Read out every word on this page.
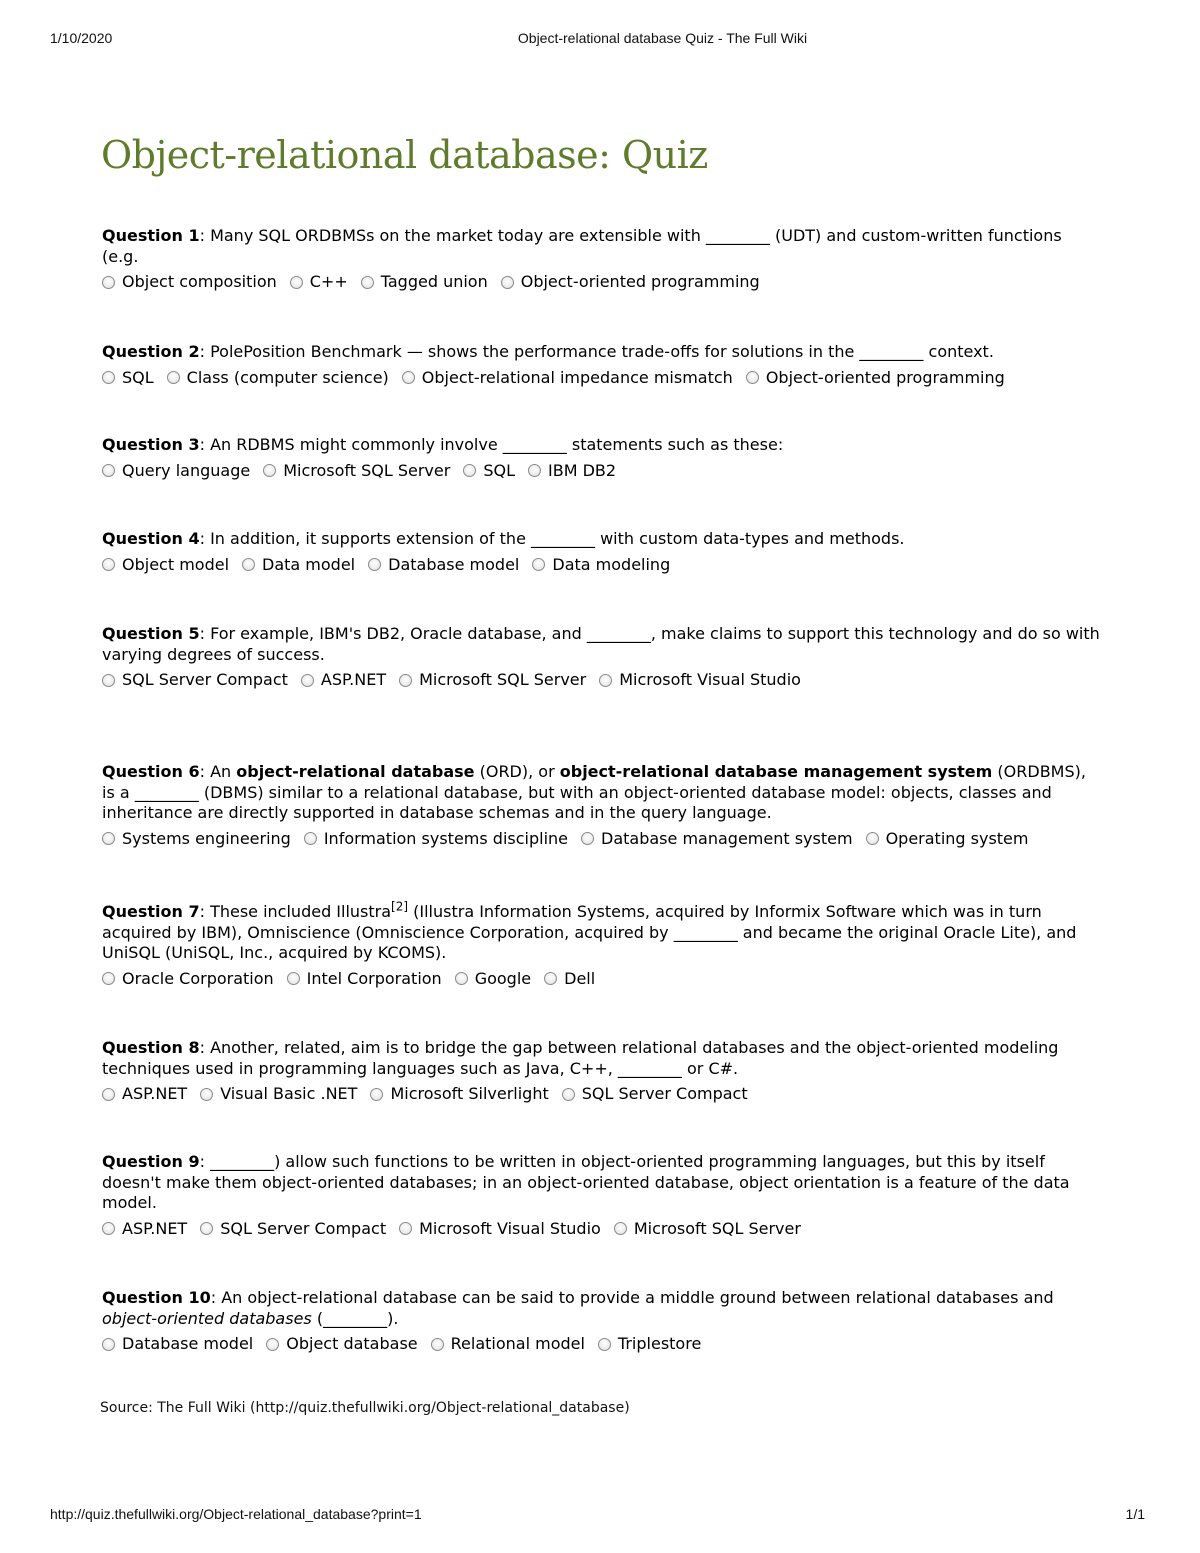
1/10/2020	Object-relational database Quiz - The Full Wiki
Object-relational database: Quiz
Question 1: Many SQL ORDBMSs on the market today are extensible with ________ (UDT) and custom-written functions (e.g.
Object composition C++ Tagged union Object-oriented programming
Question 2: PolePosition Benchmark — shows the performance trade-offs for solutions in the ________ context.
SQL Class (computer science) Object-relational impedance mismatch Object-oriented programming
Question 3: An RDBMS might commonly involve ________ statements such as these:
Query language Microsoft SQL Server SQL IBM DB2
Question 4: In addition, it supports extension of the ________ with custom data-types and methods.
Object model Data model Database model Data modeling
Question 5: For example, IBM's DB2, Oracle database, and ________, make claims to support this technology and do so with varying degrees of success.
SQL Server Compact ASP.NET Microsoft SQL Server Microsoft Visual Studio
Question 6: An object-relational database (ORD), or object-relational database management system (ORDBMS), is a ________ (DBMS) similar to a relational database, but with an object-oriented database model: objects, classes and inheritance are directly supported in database schemas and in the query language.
Systems engineering Information systems discipline Database management system Operating system
Question 7: These included Illustra[2] (Illustra Information Systems, acquired by Informix Software which was in turn acquired by IBM), Omniscience (Omniscience Corporation, acquired by ________ and became the original Oracle Lite), and UniSQL (UniSQL, Inc., acquired by KCOMS).
Oracle Corporation Intel Corporation Google Dell
Question 8: Another, related, aim is to bridge the gap between relational databases and the object-oriented modeling techniques used in programming languages such as Java, C++, ________ or C#.
ASP.NET Visual Basic .NET Microsoft Silverlight SQL Server Compact
Question 9: ________) allow such functions to be written in object-oriented programming languages, but this by itself doesn't make them object-oriented databases; in an object-oriented database, object orientation is a feature of the data model.
ASP.NET SQL Server Compact Microsoft Visual Studio Microsoft SQL Server
Question 10: An object-relational database can be said to provide a middle ground between relational databases and object-oriented databases (________).
Database model Object database Relational model Triplestore
Source: The Full Wiki (http://quiz.thefullwiki.org/Object-relational_database)
http://quiz.thefullwiki.org/Object-relational_database?print=1	1/1
